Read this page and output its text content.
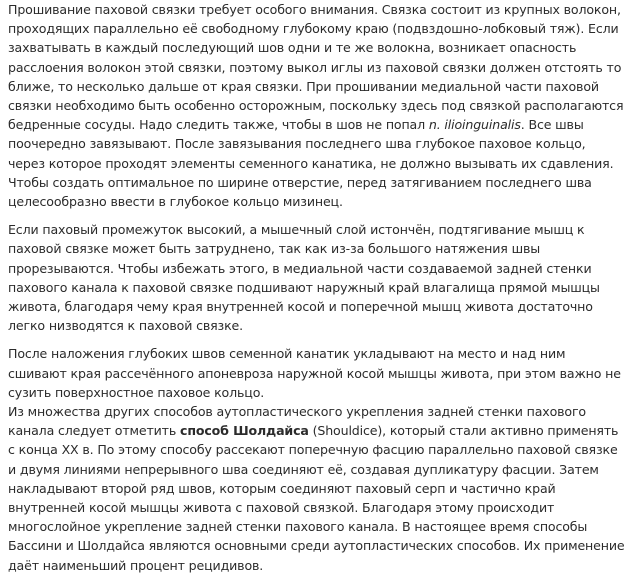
Прошивание паховой связки требует особого внимания. Связка состоит из крупных волокон, проходящих параллельно её свободному глубокому краю (подвздошно-лобковый тяж). Если захватывать в каждый последующий шов одни и те же волокна, возникает опасность расслоения волокон этой связки, поэтому выкол иглы из паховой связки должен отстоять то ближе, то несколько дальше от края связки. При прошивании медиальной части паховой связки необходимо быть особенно осторожным, поскольку здесь под связкой располагаются бедренные сосуды. Надо следить также, чтобы в шов не попал n. ilioinguinalis. Все швы поочередно завязывают. После завязывания последнего шва глубокое паховое кольцо, через которое проходят элементы семенного канатика, не должно вызывать их сдавления. Чтобы создать оптимальное по ширине отверстие, перед затягиванием последнего шва целесообразно ввести в глубокое кольцо мизинец.

Если паховый промежуток высокий, а мышечный слой истончён, подтягивание мышц к паховой связке может быть затруднено, так как из-за большого натяжения швы прорезываются. Чтобы избежать этого, в медиальной части создаваемой задней стенки пахового канала к паховой связке подшивают наружный край влагалища прямой мышцы живота, благодаря чему края внутренней косой и поперечной мышц живота достаточно легко низводятся к паховой связке.

После наложения глубоких швов семенной канатик укладывают на место и над ним сшивают края рассечённого апоневроза наружной косой мышцы живота, при этом важно не сузить поверхностное паховое кольцо.

Из множества других способов аутопластического укрепления задней стенки пахового канала следует отметить способ Шолдайса (Shouldice), который стали активно применять с конца XX в. По этому способу рассекают поперечную фасцию параллельно паховой связке и двумя линиями непрерывного шва соединяют её, создавая дупликатуру фасции. Затем накладывают второй ряд швов, которым соединяют паховый серп и частично край внутренней косой мышцы живота с паховой связкой. Благодаря этому происходит многослойное укрепление задней стенки пахового канала. В настоящее время способы Бассини и Шолдайса являются основными среди аутопластических способов. Их применение даёт наименьший процент рецидивов.
